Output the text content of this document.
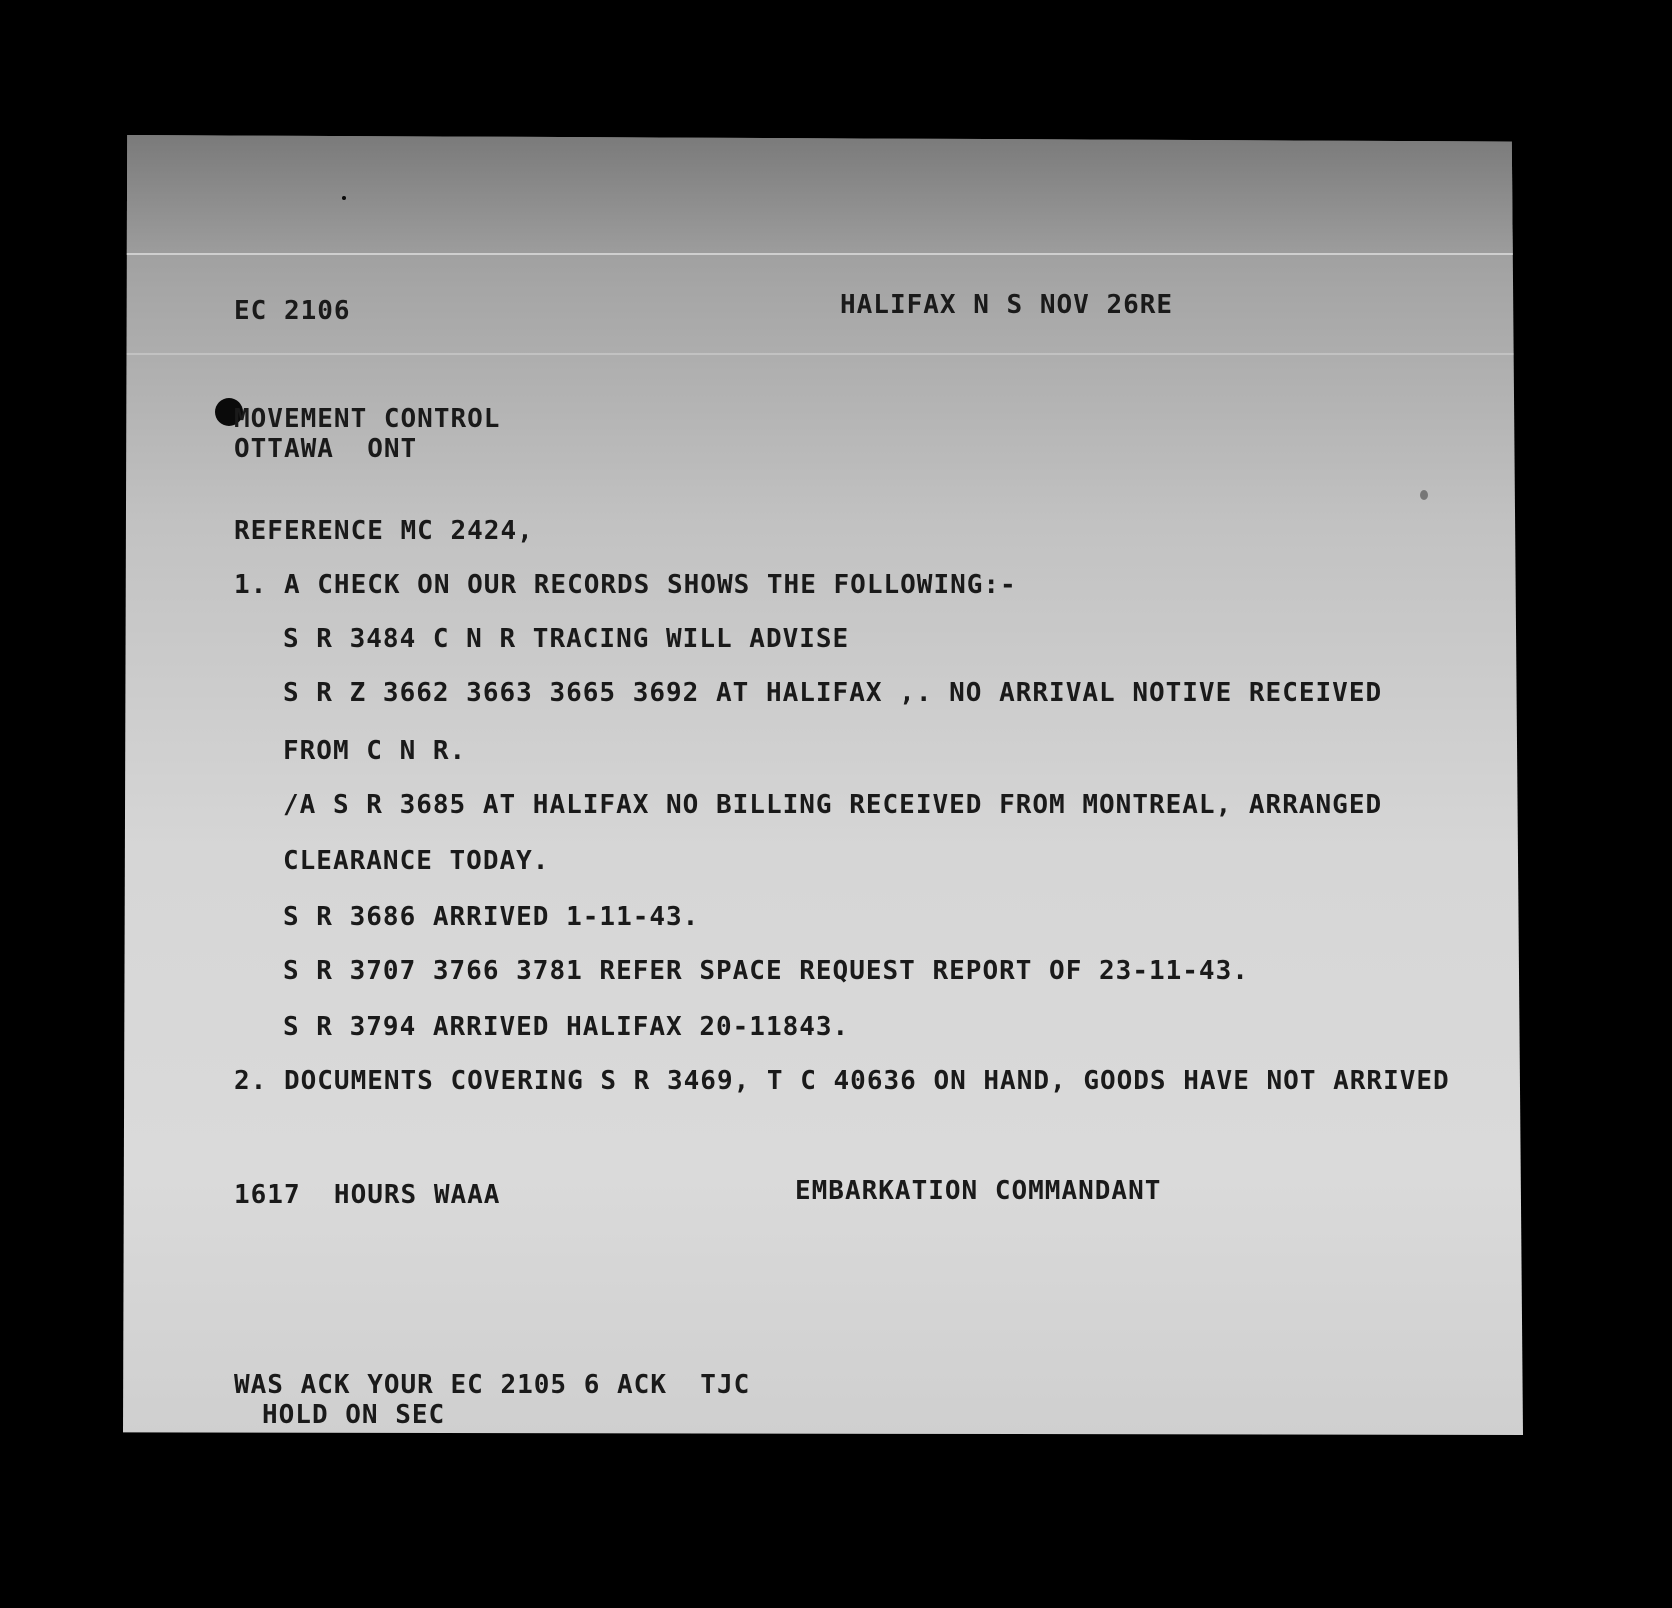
EC 2106	HALIFAX N S NOV 26RE
MOVEMENT CONTROL
OTTAWA  ONT
REFERENCE MC 2424,
1. A CHECK ON OUR RECORDS SHOWS THE FOLLOWING:-
S R 3484 C N R TRACING WILL ADVISE
S R Z 3662 3663 3665 3692 AT HALIFAX ,. NO ARRIVAL NOTIVE RECEIVED
FROM C N R.
/A S R 3685 AT HALIFAX NO BILLING RECEIVED FROM MONTREAL, ARRANGED
CLEARANCE TODAY.
S R 3686 ARRIVED 1-11-43.
S R 3707 3766 3781 REFER SPACE REQUEST REPORT OF 23-11-43.
S R 3794 ARRIVED HALIFAX 20-11843.
2. DOCUMENTS COVERING S R 3469, T C 40636 ON HAND, GOODS HAVE NOT ARRIVED
1617  HOURS WAAA	EMBARKATION COMMANDANT
WAS ACK YOUR EC 2105 6 ACK  TJC
HOLD ON SEC
